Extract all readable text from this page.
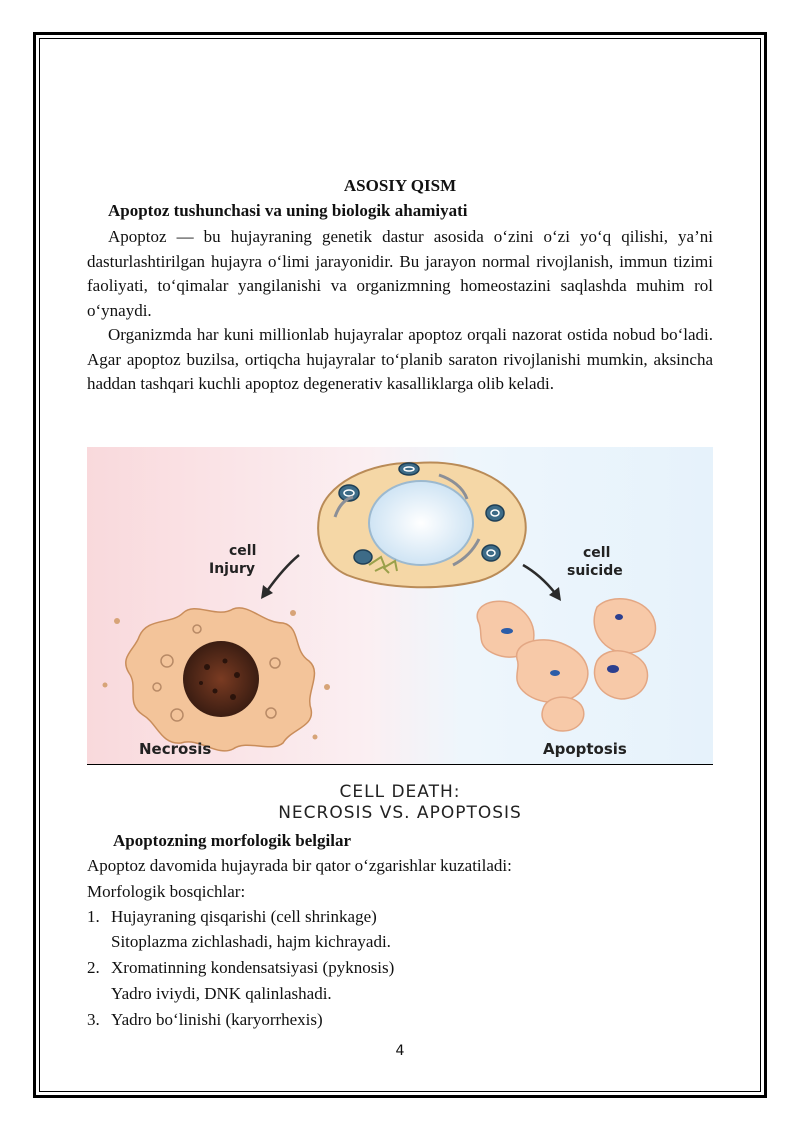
ASOSIY QISM
Apoptoz tushunchasi va uning biologik ahamiyati

Apoptoz — bu hujayraning genetik dastur asosida o‘zini o‘zi yo‘q qilishi, ya’ni dasturlashtirilgan hujayra o‘limi jarayonidir. Bu jarayon normal rivojlanish, immun tizimi faoliyati, to‘qimalar yangilanishi va organizmning homeostazini saqlashda muhim rol o‘ynaydi.

Organizmda har kuni millionlab hujayralar apoptoz orqali nazorat ostida nobud bo‘ladi. Agar apoptoz buzilsa, ortiqcha hujayralar to‘planib saraton rivojlanishi mumkin, aksincha haddan tashqari kuchli apoptoz degenerativ kasalliklarga olib keladi.

cell
Injury
cell
suicide
Necrosis	Apoptosis
CELL DEATH:
NECROSIS VS. APOPTOSIS
Apoptozning morfologik belgilar
Apoptoz davomida hujayrada bir qator o‘zgarishlar kuzatiladi:
Morfologik bosqichlar:
1. Hujayraning qisqarishi (cell shrinkage)
Sitoplazma zichlashadi, hajm kichrayadi.
2. Xromatinning kondensatsiyasi (pyknosis)
Yadro iviydi, DNK qalinlashadi.
3. Yadro bo‘linishi (karyorrhexis)
4
